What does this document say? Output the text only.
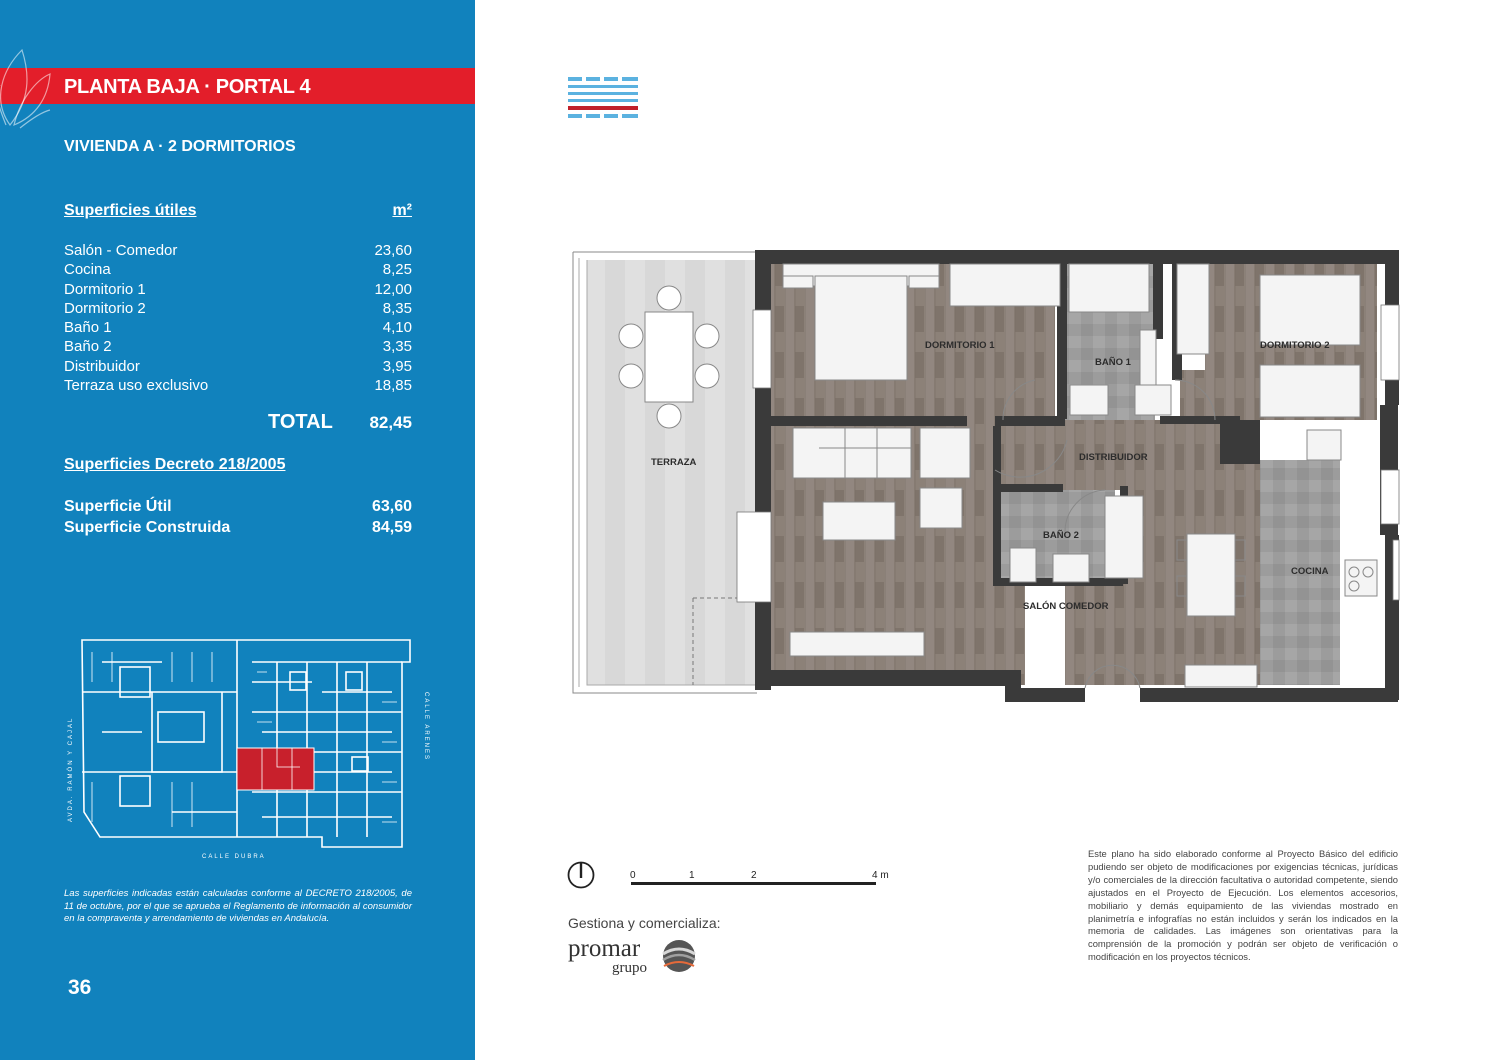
PLANTA BAJA · PORTAL 4
VIVIENDA A · 2 DORMITORIOS
Superficies útiles	m²
Salón - Comedor	23,60
Cocina	8,25
Dormitorio 1	12,00
Dormitorio 2	8,35
Baño 1	4,10
Baño 2	3,35
Distribuidor	3,95
Terraza uso exclusivo	18,85
TOTAL 82,45
Superficies Decreto 218/2005
Superficie Útil	63,60
Superficie Construida	84,59
AVDA. RAMÓN Y CAJAL	CALLE ARENES
CALLE DUBRA
Las superficies indicadas están calculadas conforme al DECRETO 218/2005, de 11 de octubre, por el que se aprueba el Reglamento de información al consumidor en la compraventa y arrendamiento de viviendas en Andalucía.
36
TERRAZA
DORMITORIO 1
BAÑO 1
DORMITORIO 2
DISTRIBUIDOR
BAÑO 2
COCINA
SALÓN COMEDOR
0	1	2	4 m
Gestiona y comercializa:
promar
grupo
Este plano ha sido elaborado conforme al Proyecto Básico del edificio pudiendo ser objeto de modificaciones por exigencias técnicas, jurídicas y/o comerciales de la dirección facultativa o autoridad competente, siendo ajustados en el Proyecto de Ejecución. Los elementos accesorios, mobiliario y demás equipamiento de las viviendas mostrado en planimetría e infografías no están incluidos y serán los indicados en la memoria de calidades. Las imágenes son orientativas para la comprensión de la promoción y podrán ser objeto de verificación o modificación en los proyectos técnicos.
